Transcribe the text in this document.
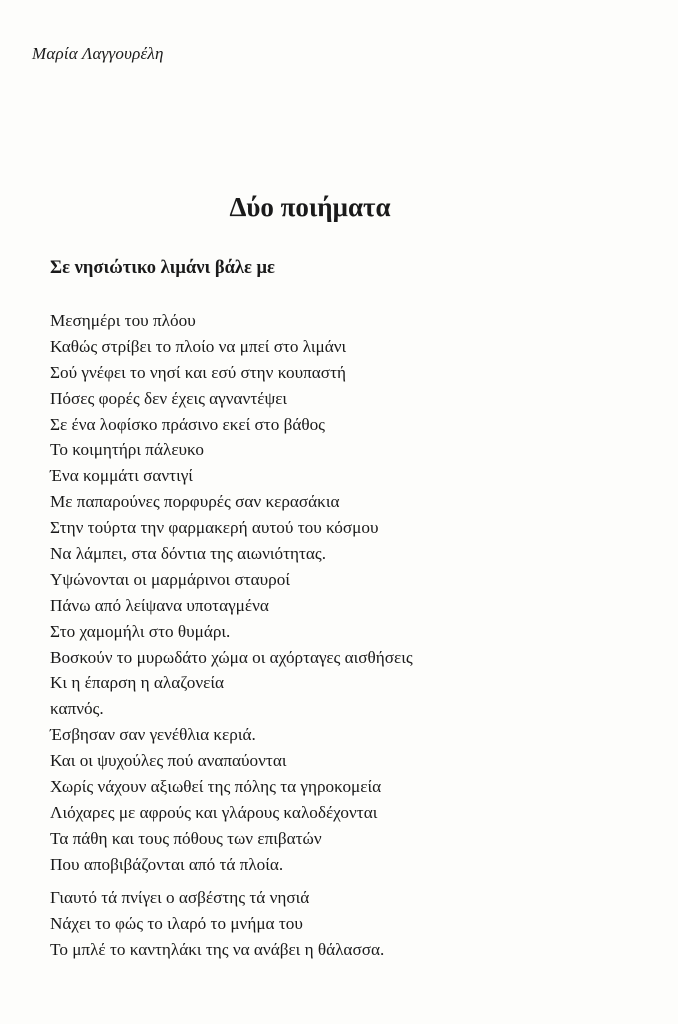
Μαρία Λαγγουρέλη
Δύο ποιήματα
Σε νησιώτικο λιμάνι βάλε με
Μεσημέρι του πλόου
Καθώς στρίβει το πλοίο να μπεί στο λιμάνι
Σού γνέφει το νησί και εσύ στην κουπαστή
Πόσες φορές δεν έχεις αγναντέψει
Σε ένα λοφίσκο πράσινο εκεί στο βάθος
Το κοιμητήρι πάλευκο
Ένα κομμάτι σαντιγί
Με παπαρούνες πορφυρές σαν κερασάκια
Στην τούρτα την φαρμακερή αυτού του κόσμου
Να λάμπει, στα δόντια της αιωνιότητας.
Υψώνονται οι μαρμάρινοι σταυροί
Πάνω από λείψανα υποταγμένα
Στο χαμομήλι στο θυμάρι.
Βοσκούν το μυρωδάτο χώμα οι αχόρταγες αισθήσεις
Κι η έπαρση η αλαζονεία
καπνός.
Έσβησαν σαν γενέθλια κεριά.
Και οι ψυχούλες πού αναπαύονται
Χωρίς νάχουν αξιωθεί της πόλης τα γηροκομεία
Λιόχαρες με αφρούς και γλάρους καλοδέχονται
Τα πάθη και τους πόθους των επιβατών
Που αποβιβάζονται από τά πλοία.
Γιαυτό τά πνίγει ο ασβέστης τά νησιά
Νάχει το φώς το ιλαρό το μνήμα του
Το μπλέ το καντηλάκι της να ανάβει η θάλασσα.
